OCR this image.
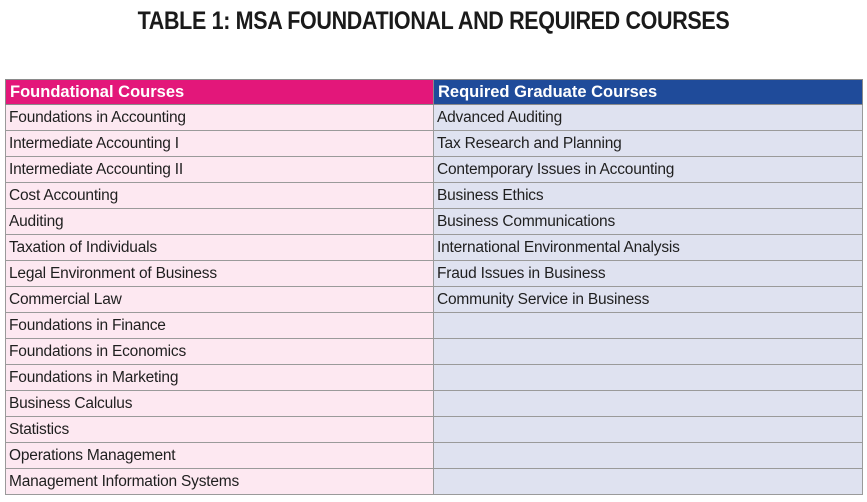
TABLE 1: MSA FOUNDATIONAL AND REQUIRED COURSES
Foundational Courses	Required Graduate Courses
Foundations in Accounting	Advanced Auditing
Intermediate Accounting I	Tax Research and Planning
Intermediate Accounting II	Contemporary Issues in Accounting
Cost Accounting	Business Ethics
Auditing	Business Communications
Taxation of Individuals	International Environmental Analysis
Legal Environment of Business	Fraud Issues in Business
Commercial Law	Community Service in Business
Foundations in Finance	
Foundations in Economics	
Foundations in Marketing	
Business Calculus	
Statistics	
Operations Management	
Management Information Systems	
